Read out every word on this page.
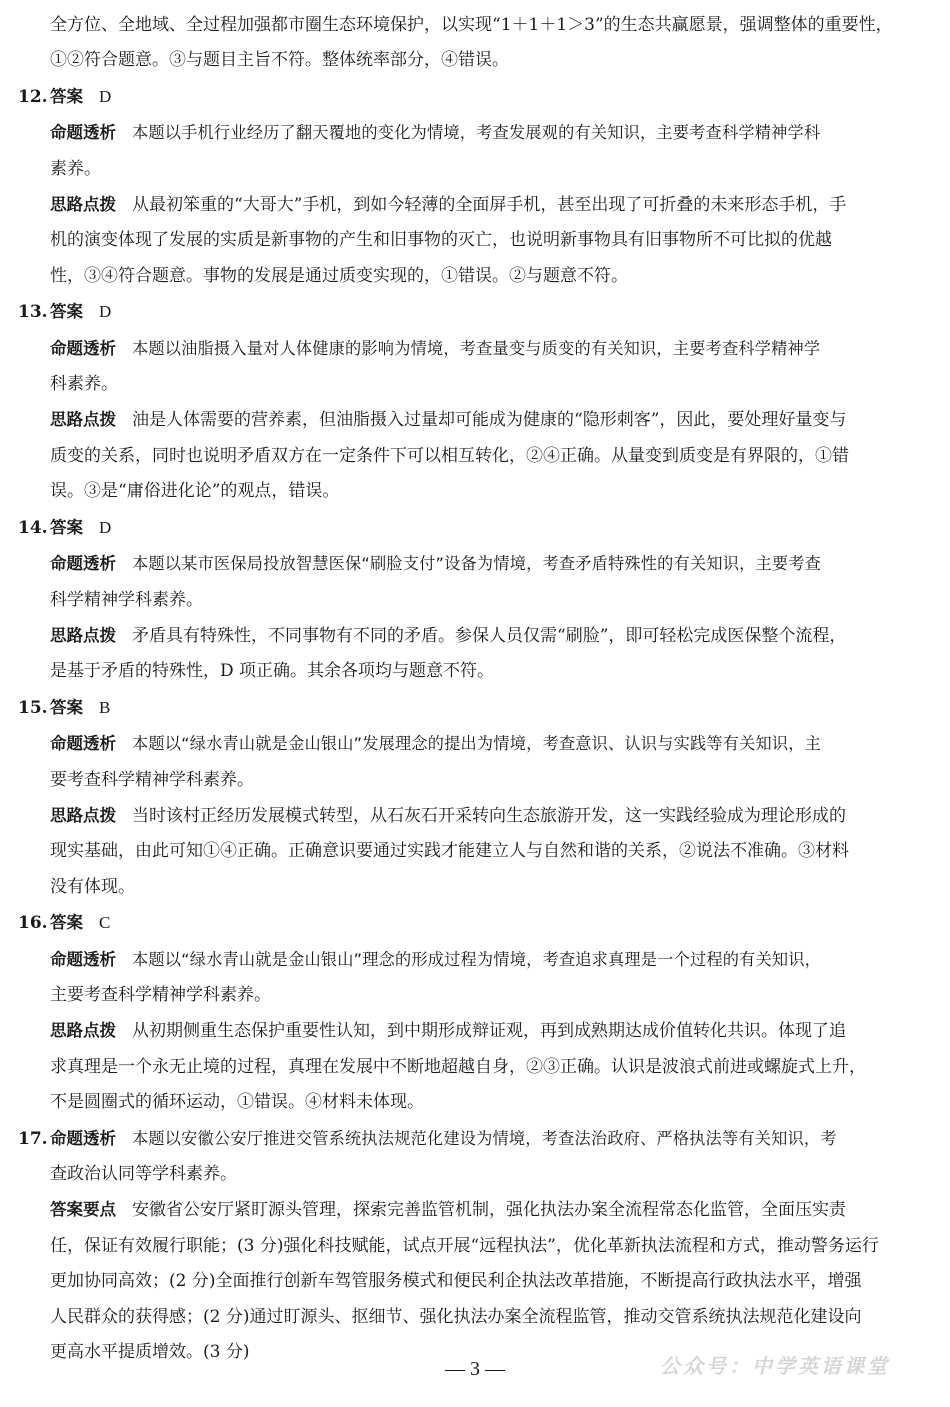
全方位、全地域、全过程加强都市圈生态环境保护，以实现“1＋1＋1＞3”的生态共赢愿景，强调整体的重要性，

①②符合题意。③与题目主旨不符。整体统率部分，④错误。

12. 答案 D

命题透析 本题以手机行业经历了翻天覆地的变化为情境，考查发展观的有关知识，主要考查科学精神学科

素养。

思路点拨 从最初笨重的“大哥大”手机，到如今轻薄的全面屏手机，甚至出现了可折叠的未来形态手机，手

机的演变体现了发展的实质是新事物的产生和旧事物的灭亡，也说明新事物具有旧事物所不可比拟的优越

性，③④符合题意。事物的发展是通过质变实现的，①错误。②与题意不符。

13. 答案 D

命题透析 本题以油脂摄入量对人体健康的影响为情境，考查量变与质变的有关知识，主要考查科学精神学

科素养。

思路点拨 油是人体需要的营养素，但油脂摄入过量却可能成为健康的“隐形刺客”，因此，要处理好量变与

质变的关系，同时也说明矛盾双方在一定条件下可以相互转化，②④正确。从量变到质变是有界限的，①错

误。③是“庸俗进化论”的观点，错误。

14. 答案 D

命题透析 本题以某市医保局投放智慧医保“刷脸支付”设备为情境，考查矛盾特殊性的有关知识，主要考查

科学精神学科素养。

思路点拨 矛盾具有特殊性，不同事物有不同的矛盾。参保人员仅需“刷脸”，即可轻松完成医保整个流程，

是基于矛盾的特殊性，D 项正确。其余各项均与题意不符。

15. 答案 B

命题透析 本题以“绿水青山就是金山银山”发展理念的提出为情境，考查意识、认识与实践等有关知识，主

要考查科学精神学科素养。

思路点拨 当时该村正经历发展模式转型，从石灰石开采转向生态旅游开发，这一实践经验成为理论形成的

现实基础，由此可知①④正确。正确意识要通过实践才能建立人与自然和谐的关系，②说法不准确。③材料

没有体现。

16. 答案 C

命题透析 本题以“绿水青山就是金山银山”理念的形成过程为情境，考查追求真理是一个过程的有关知识，

主要考查科学精神学科素养。

思路点拨 从初期侧重生态保护重要性认知，到中期形成辩证观，再到成熟期达成价值转化共识。体现了追

求真理是一个永无止境的过程，真理在发展中不断地超越自身，②③正确。认识是波浪式前进或螺旋式上升，

不是圆圈式的循环运动，①错误。④材料未体现。

17. 命题透析 本题以安徽公安厅推进交管系统执法规范化建设为情境，考查法治政府、严格执法等有关知识，考

查政治认同等学科素养。

答案要点 安徽省公安厅紧盯源头管理，探索完善监管机制，强化执法办案全流程常态化监管，全面压实责

任，保证有效履行职能；(3 分)强化科技赋能，试点开展“远程执法”，优化革新执法流程和方式，推动警务运行

更加协同高效；(2 分)全面推行创新车驾管服务模式和便民利企执法改革措施，不断提高行政执法水平，增强

人民群众的获得感；(2 分)通过盯源头、抠细节、强化执法办案全流程监管，推动交管系统执法规范化建设向

更高水平提质增效。(3 分)

— 3 —	公众号：中学英语课堂
